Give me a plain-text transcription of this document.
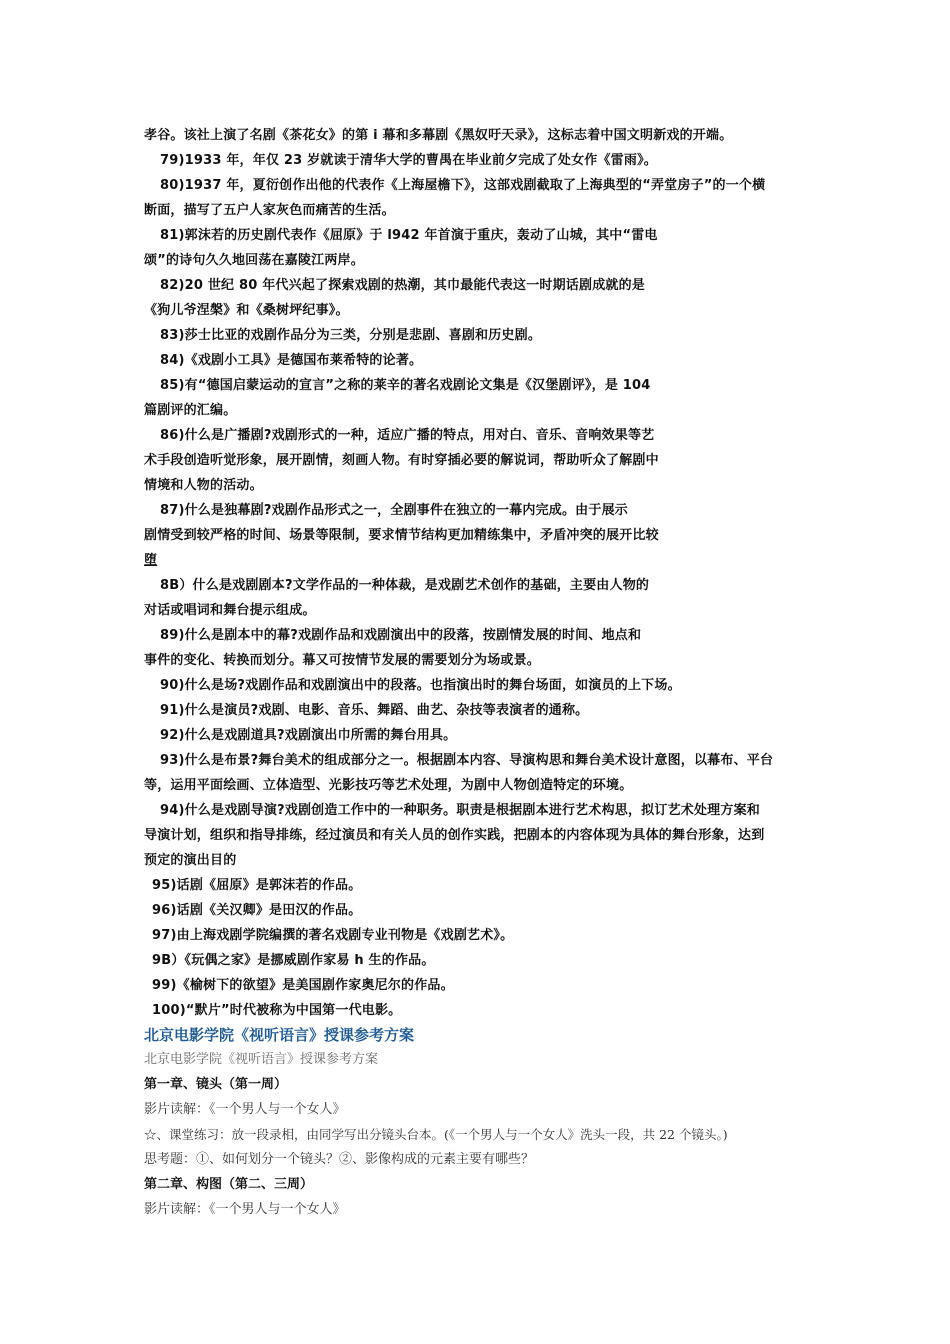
孝谷。该社上演了名剧《茶花女》的第 i 幕和多幕剧《黑奴吁天录》，这标志着中国文明新戏的开端。
79)1933 年，年仅 23 岁就读于清华大学的曹禺在毕业前夕完成了处女作《雷雨》。
80)1937 年，夏衍创作出他的代表作《上海屋檐下》，这部戏剧截取了上海典型的“弄堂房子”的一个横
断面，描写了五户人家灰色而痛苦的生活。
81)郭沫若的历史剧代表作《屈原》于 l942 年首演于重庆，轰动了山城，其中“雷电
颂”的诗句久久地回荡在嘉陵江两岸。
82)20 世纪 80 年代兴起了探索戏剧的热潮，其巾最能代表这一时期话剧成就的是
《狗儿爷涅槃》和《桑树坪纪事》。
83)莎士比亚的戏剧作品分为三类，分别是悲剧、喜剧和历史剧。
84)《戏剧小工具》是德国布莱希特的论著。
85)有“德国启蒙运动的宣言”之称的莱辛的著名戏剧论文集是《汉堡剧评》，是 104
篇剧评的汇编。
86)什么是广播剧?戏剧形式的一种，适应广播的特点，用对白、音乐、音响效果等艺
术手段创造听觉形象，展开剧情，刻画人物。有时穿插必要的解说词，帮助听众了解剧中
情境和人物的活动。
87)什么是独幕剧?戏剧作品形式之一，全剧事件在独立的一幕内完成。由于展示
剧情受到较严格的时间、场景等限制，要求情节结构更加精练集中，矛盾冲突的展开比较
堕
8B）什么是戏剧剧本?文学作品的一种体裁，是戏剧艺术创作的基础，主要由人物的
对话或唱词和舞台提示组成。
89)什么是剧本中的幕?戏剧作品和戏剧演出中的段落，按剧情发展的时间、地点和
事件的变化、转换而划分。幕又可按情节发展的需要划分为场或景。
90)什么是场?戏剧作品和戏剧演出中的段落。也指演出时的舞台场面，如演员的上下场。
91)什么是演员?戏剧、电影、音乐、舞蹈、曲艺、杂技等表演者的通称。
92)什么是戏剧道具?戏剧演出巾所需的舞台用具。
93)什么是布景?舞台美术的组成部分之一。根据剧本内容、导演构思和舞台美术设计意图，以幕布、平台
等，运用平面绘画、立体造型、光影技巧等艺术处理，为剧中人物创造特定的环境。
94)什么是戏剧导演?戏剧创造工作中的一种职务。职责是根据剧本进行艺术构思，拟订艺术处理方案和
导演计划，组织和指导排练，经过演员和有关人员的创作实践，把剧本的内容体现为具体的舞台形象，达到
预定的演出目的
95)话剧《屈原》是郭沫若的作品。
96)话剧《关汉卿》是田汉的作品。
97)由上海戏剧学院编撰的著名戏剧专业刊物是《戏剧艺术》。
9B）《玩偶之家》是挪威剧作家易 h 生的作品。
99)《榆树下的欲望》是美国剧作家奥尼尔的作品。
100)“默片”时代被称为中国第一代电影。
北京电影学院《视听语言》授课参考方案
北京电影学院《视听语言》授课参考方案
第一章、镜头（第一周）
影片读解：《一个男人与一个女人》
☆、课堂练习：放一段录相，由同学写出分镜头台本。(《一个男人与一个女人》洗头一段，共 22 个镜头。)
思考题：①、如何划分一个镜头？②、影像构成的元素主要有哪些？
第二章、构图（第二、三周）
影片读解：《一个男人与一个女人》
